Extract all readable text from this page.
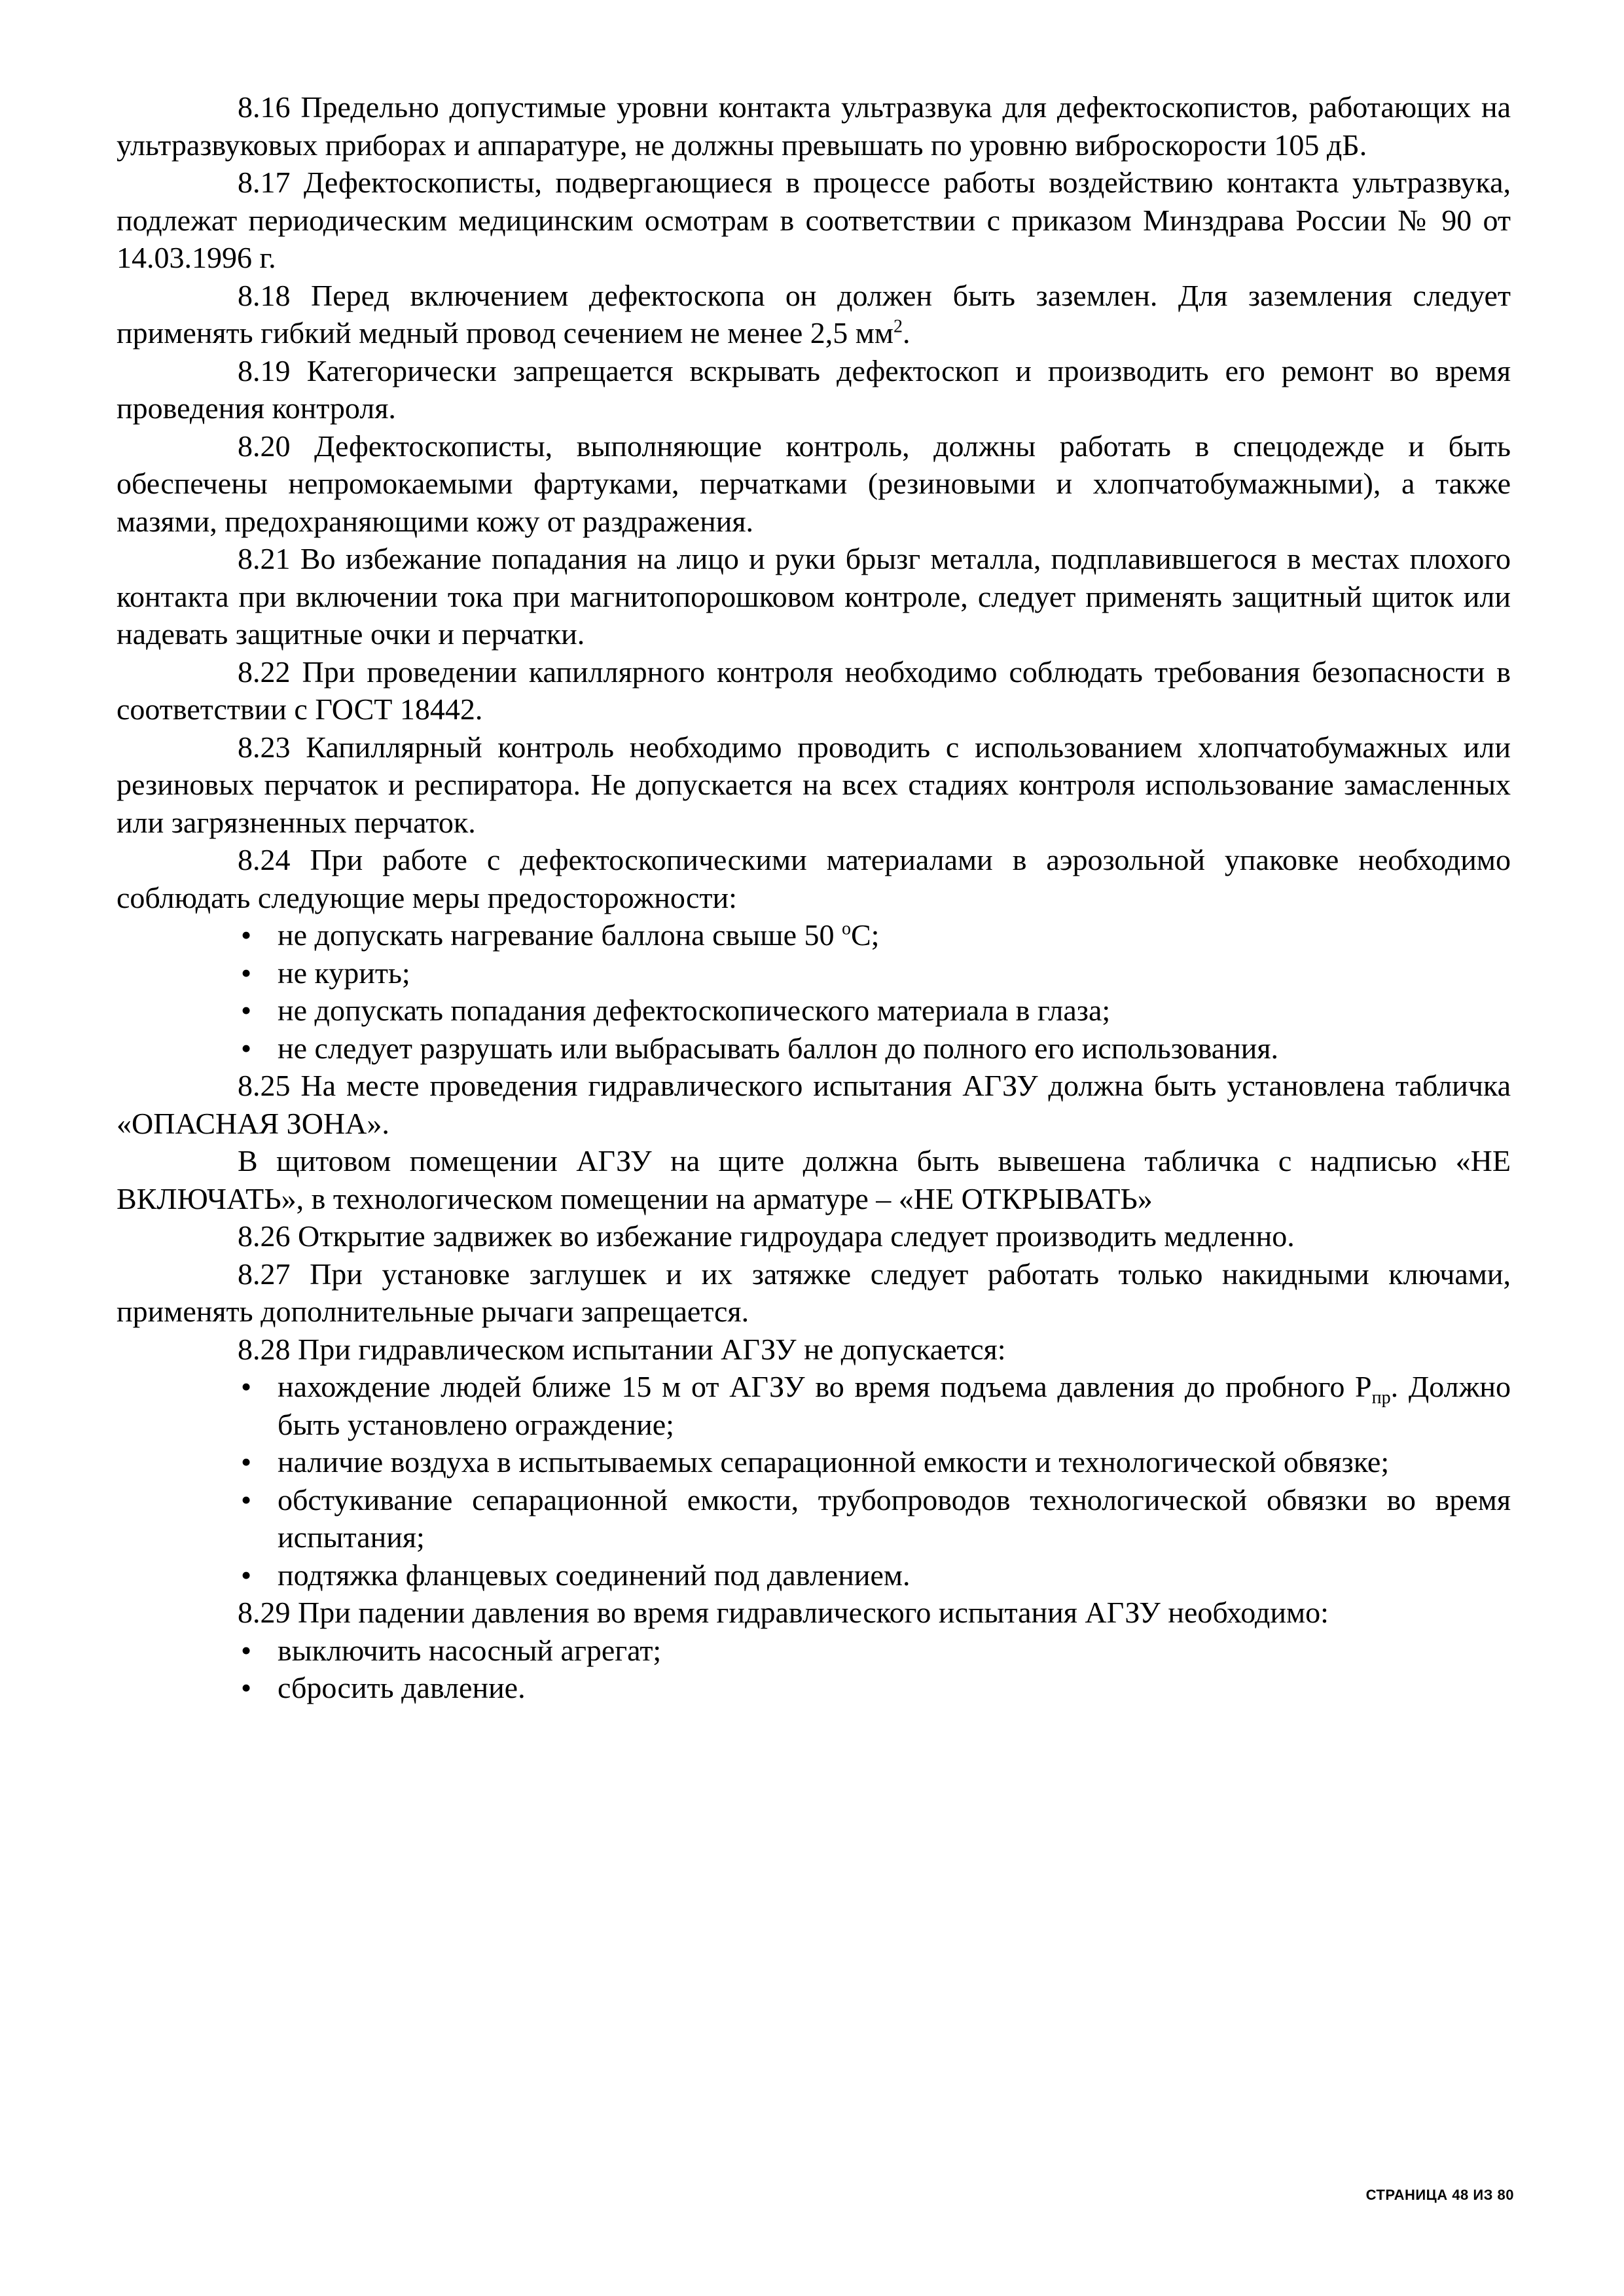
8.16 Предельно допустимые уровни контакта ультразвука для дефектоскопистов, работающих на ультразвуковых приборах и аппаратуре, не должны превышать по уровню виброскорости 105 дБ.

8.17 Дефектоскописты, подвергающиеся в процессе работы воздействию контакта ультразвука, подлежат периодическим медицинским осмотрам в соответствии с приказом Минздрава России № 90 от 14.03.1996 г.

8.18 Перед включением дефектоскопа он должен быть заземлен. Для заземления следует применять гибкий медный провод сечением не менее 2,5 $мм^2$.

8.19 Категорически запрещается вскрывать дефектоскоп и производить его ремонт во время проведения контроля.

8.20 Дефектоскописты, выполняющие контроль, должны работать в спецодежде и быть обеспечены непромокаемыми фартуками, перчатками (резиновыми и хлопчатобумажными), а также мазями, предохраняющими кожу от раздражения.

8.21 Во избежание попадания на лицо и руки брызг металла, подплавившегося в местах плохого контакта при включении тока при магнитопорошковом контроле, следует применять защитный щиток или надевать защитные очки и перчатки.

8.22 При проведении капиллярного контроля необходимо соблюдать требования безопасности в соответствии с ГОСТ 18442.

8.23 Капиллярный контроль необходимо проводить с использованием хлопчатобумажных или резиновых перчаток и респиратора. Не допускается на всех стадиях контроля использование замасленных или загрязненных перчаток.

8.24 При работе с дефектоскопическими материалами в аэрозольной упаковке необходимо соблюдать следующие меры предосторожности:

• не допускать нагревание баллона свыше 50 $^о$С;
• не курить;
• не допускать попадания дефектоскопического материала в глаза;
• не следует разрушать или выбрасывать баллон до полного его использования.

8.25 На месте проведения гидравлического испытания АГЗУ должна быть установлена табличка «ОПАСНАЯ ЗОНА».

В щитовом помещении АГЗУ на щите должна быть вывешена табличка с надписью «НЕ ВКЛЮЧАТЬ», в технологическом помещении на арматуре – «НЕ ОТКРЫВАТЬ»

8.26 Открытие задвижек во избежание гидроудара следует производить медленно.

8.27 При установке заглушек и их затяжке следует работать только накидными ключами, применять дополнительные рычаги запрещается.

8.28 При гидравлическом испытании АГЗУ не допускается:

• нахождение людей ближе 15 м от АГЗУ во время подъема давления до пробного $Р_{пр}$. Должно быть установлено ограждение;
• наличие воздуха в испытываемых сепарационной емкости и технологической обвязке;
• обстукивание сепарационной емкости, трубопроводов технологической обвязки во время испытания;
• подтяжка фланцевых соединений под давлением.

8.29 При падении давления во время гидравлического испытания АГЗУ необходимо:

• выключить насосный агрегат;
• сбросить давление.
СТРАНИЦА 48 ИЗ 80
